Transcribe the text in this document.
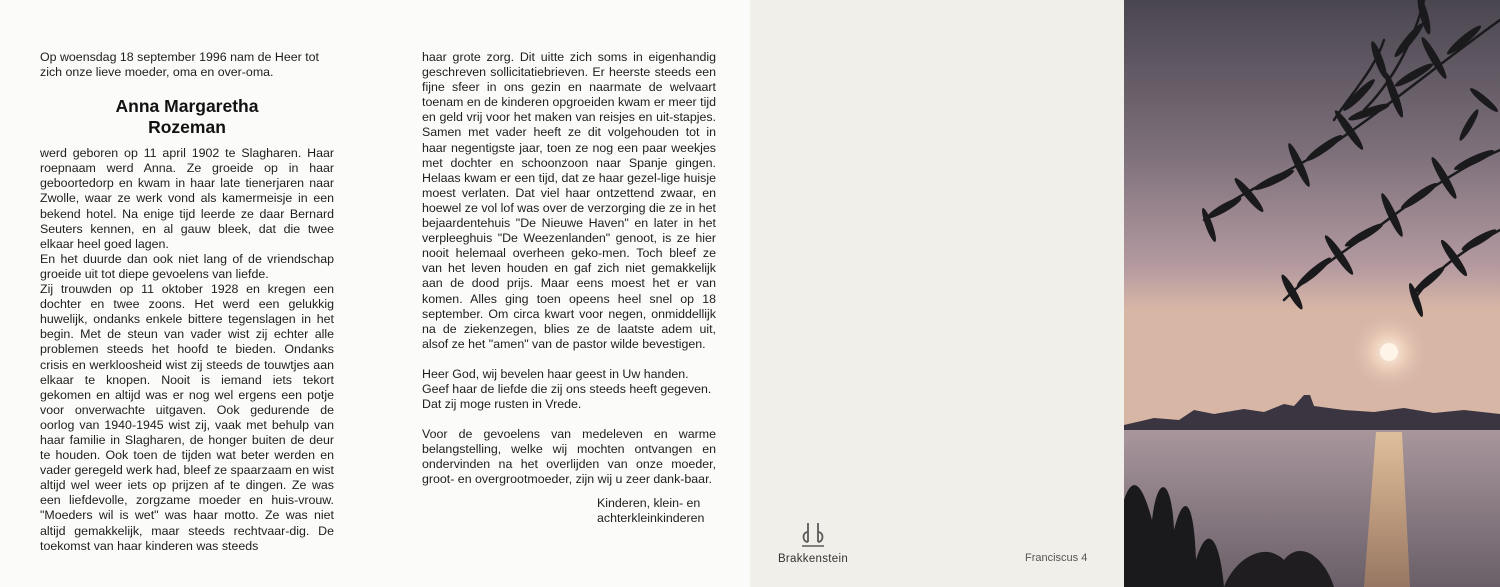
Op woensdag 18 september 1996 nam de Heer tot zich onze lieve moeder, oma en over-oma.

Anna Margaretha
Rozeman

werd geboren op 11 april 1902 te Slagharen. Haar roepnaam werd Anna. Ze groeide op in haar geboortedorp en kwam in haar late tienerjaren naar Zwolle, waar ze werk vond als kamermeisje in een bekend hotel. Na enige tijd leerde ze daar Bernard Seuters kennen, en al gauw bleek, dat die twee elkaar heel goed lagen.

En het duurde dan ook niet lang of de vriendschap groeide uit tot diepe gevoelens van liefde.

Zij trouwden op 11 oktober 1928 en kregen een dochter en twee zoons. Het werd een gelukkig huwelijk, ondanks enkele bittere tegenslagen in het begin. Met de steun van vader wist zij echter alle problemen steeds het hoofd te bieden. Ondanks crisis en werkloosheid wist zij steeds de touwtjes aan elkaar te knopen. Nooit is iemand iets tekort gekomen en altijd was er nog wel ergens een potje voor onverwachte uitgaven. Ook gedurende de oorlog van 1940-1945 wist zij, vaak met behulp van haar familie in Slagharen, de honger buiten de deur te houden. Ook toen de tijden wat beter werden en vader geregeld werk had, bleef ze spaarzaam en wist altijd wel weer iets op prijzen af te dingen. Ze was een liefdevolle, zorgzame moeder en huis-vrouw. "Moeders wil is wet" was haar motto. Ze was niet altijd gemakkelijk, maar steeds rechtvaar-dig. De toekomst van haar kinderen was steeds

haar grote zorg. Dit uitte zich soms in eigenhandig geschreven sollicitatiebrieven. Er heerste steeds een fijne sfeer in ons gezin en naarmate de welvaart toenam en de kinderen opgroeiden kwam er meer tijd en geld vrij voor het maken van reisjes en uit-stapjes. Samen met vader heeft ze dit volgehouden tot in haar negentigste jaar, toen ze nog een paar weekjes met dochter en schoonzoon naar Spanje gingen. Helaas kwam er een tijd, dat ze haar gezel-lige huisje moest verlaten. Dat viel haar ontzettend zwaar, en hoewel ze vol lof was over de verzorging die ze in het bejaardentehuis "De Nieuwe Haven" en later in het verpleeghuis "De Weezenlanden" genoot, is ze hier nooit helemaal overheen geko-men. Toch bleef ze van het leven houden en gaf zich niet gemakkelijk aan de dood prijs. Maar eens moest het er van komen. Alles ging toen opeens heel snel op 18 september. Om circa kwart voor negen, onmiddellijk na de ziekenzegen, blies ze de laatste adem uit, alsof ze het "amen" van de pastor wilde bevestigen.

Heer God, wij bevelen haar geest in Uw handen. Geef haar de liefde die zij ons steeds heeft gegeven. Dat zij moge rusten in Vrede.

Voor de gevoelens van medeleven en warme belangstelling, welke wij mochten ontvangen en ondervinden na het overlijden van onze moeder, groot- en overgrootmoeder, zijn wij u zeer dank-baar.

Kinderen, klein- en
achterkleinkinderen
Brakkenstein	Franciscus 4
